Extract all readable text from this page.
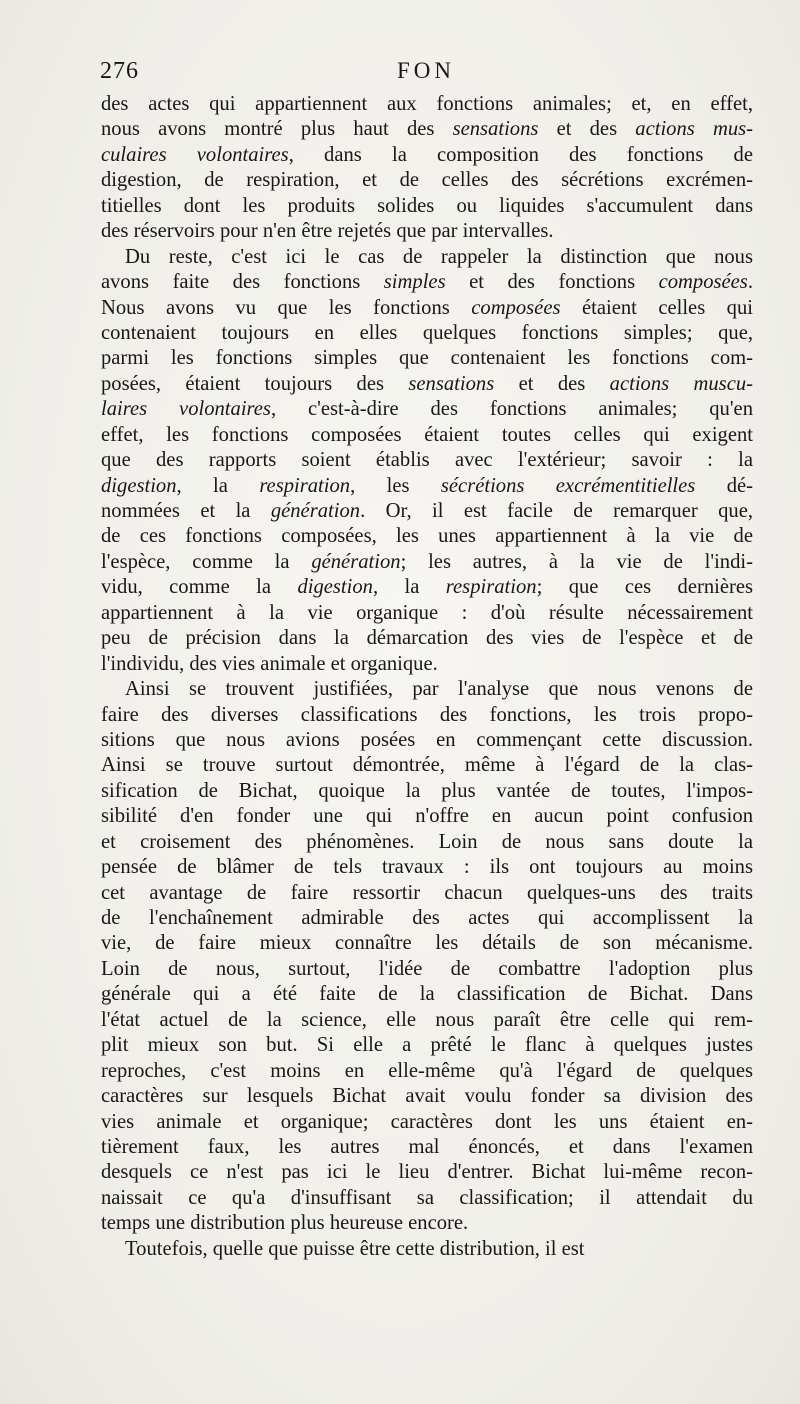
276	FON
des actes qui appartiennent aux fonctions animales; et, en effet,
nous avons montré plus haut des sensations et des actions mus-
culaires volontaires, dans la composition des fonctions de
digestion, de respiration, et de celles des sécrétions excrémen-
titielles dont les produits solides ou liquides s'accumulent dans
des réservoirs pour n'en être rejetés que par intervalles.
Du reste, c'est ici le cas de rappeler la distinction que nous
avons faite des fonctions simples et des fonctions composées.
Nous avons vu que les fonctions composées étaient celles qui
contenaient toujours en elles quelques fonctions simples; que,
parmi les fonctions simples que contenaient les fonctions com-
posées, étaient toujours des sensations et des actions muscu-
laires volontaires, c'est-à-dire des fonctions animales; qu'en
effet, les fonctions composées étaient toutes celles qui exigent
que des rapports soient établis avec l'extérieur; savoir : la
digestion, la respiration, les sécrétions excrémentitielles dé-
nommées et la génération. Or, il est facile de remarquer que,
de ces fonctions composées, les unes appartiennent à la vie de
l'espèce, comme la génération; les autres, à la vie de l'indi-
vidu, comme la digestion, la respiration; que ces dernières
appartiennent à la vie organique : d'où résulte nécessairement
peu de précision dans la démarcation des vies de l'espèce et de
l'individu, des vies animale et organique.
Ainsi se trouvent justifiées, par l'analyse que nous venons de
faire des diverses classifications des fonctions, les trois propo-
sitions que nous avions posées en commençant cette discussion.
Ainsi se trouve surtout démontrée, même à l'égard de la clas-
sification de Bichat, quoique la plus vantée de toutes, l'impos-
sibilité d'en fonder une qui n'offre en aucun point confusion
et croisement des phénomènes. Loin de nous sans doute la
pensée de blâmer de tels travaux : ils ont toujours au moins
cet avantage de faire ressortir chacun quelques-uns des traits
de l'enchaînement admirable des actes qui accomplissent la
vie, de faire mieux connaître les détails de son mécanisme.
Loin de nous, surtout, l'idée de combattre l'adoption plus
générale qui a été faite de la classification de Bichat. Dans
l'état actuel de la science, elle nous paraît être celle qui rem-
plit mieux son but. Si elle a prêté le flanc à quelques justes
reproches, c'est moins en elle-même qu'à l'égard de quelques
caractères sur lesquels Bichat avait voulu fonder sa division des
vies animale et organique; caractères dont les uns étaient en-
tièrement faux, les autres mal énoncés, et dans l'examen
desquels ce n'est pas ici le lieu d'entrer. Bichat lui-même recon-
naissait ce qu'a d'insuffisant sa classification; il attendait du
temps une distribution plus heureuse encore.
Toutefois, quelle que puisse être cette distribution, il est
